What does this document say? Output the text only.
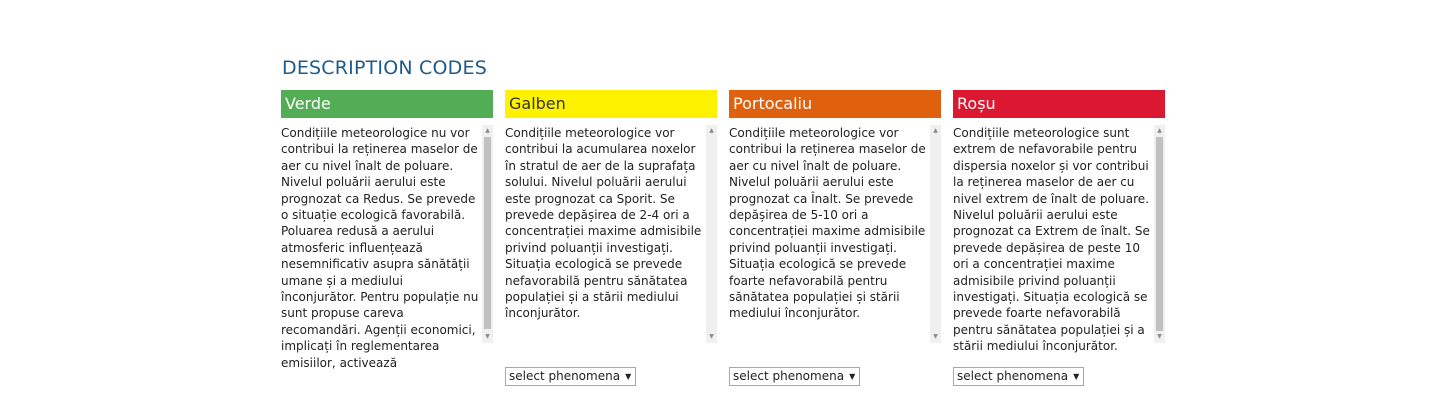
DESCRIPTION CODES
Verde
Condițiile meteorologice nu vor contribui la reținerea maselor de aer cu nivel înalt de poluare. Nivelul poluării aerului este prognozat ca Redus. Se prevede o situație ecologică favorabilă. Poluarea redusă a aerului atmosferic influențează nesemnificativ asupra sănătății umane și a mediului înconjurător. Pentru populație nu sunt propuse careva recomandări. Agenții economici, implicați în reglementarea emisiilor, activează
▲
▼
Galben
Condițiile meteorologice vor contribui la acumularea noxelor în stratul de aer de la suprafața solului. Nivelul poluării aerului este prognozat ca Sporit. Se prevede depășirea de 2-4 ori a concentrației maxime admisibile privind poluanții investigați. Situația ecologică se prevede nefavorabilă pentru sănătatea populației și a stării mediului înconjurător.
▲
▼
Portocaliu
Condițiile meteorologice vor contribui la reținerea maselor de aer cu nivel înalt de poluare. Nivelul poluării aerului este prognozat ca Înalt. Se prevede depășirea de 5-10 ori a concentrației maxime admisibile privind poluanții investigați. Situația ecologică se prevede foarte nefavorabilă pentru sănătatea populației și stării mediului înconjurător.
▲
▼
Roșu
Condițiile meteorologice sunt extrem de nefavorabile pentru dispersia noxelor și vor contribui la reținerea maselor de aer cu nivel extrem de înalt de poluare. Nivelul poluării aerului este prognozat ca Extrem de înalt. Se prevede depășirea de peste 10 ori a concentrației maxime admisibile privind poluanții investigați. Situația ecologică se prevede foarte nefavorabilă pentru sănătatea populației și a stării mediului înconjurător.
▲
▼
select phenomena ▼	select phenomena ▼	select phenomena ▼
